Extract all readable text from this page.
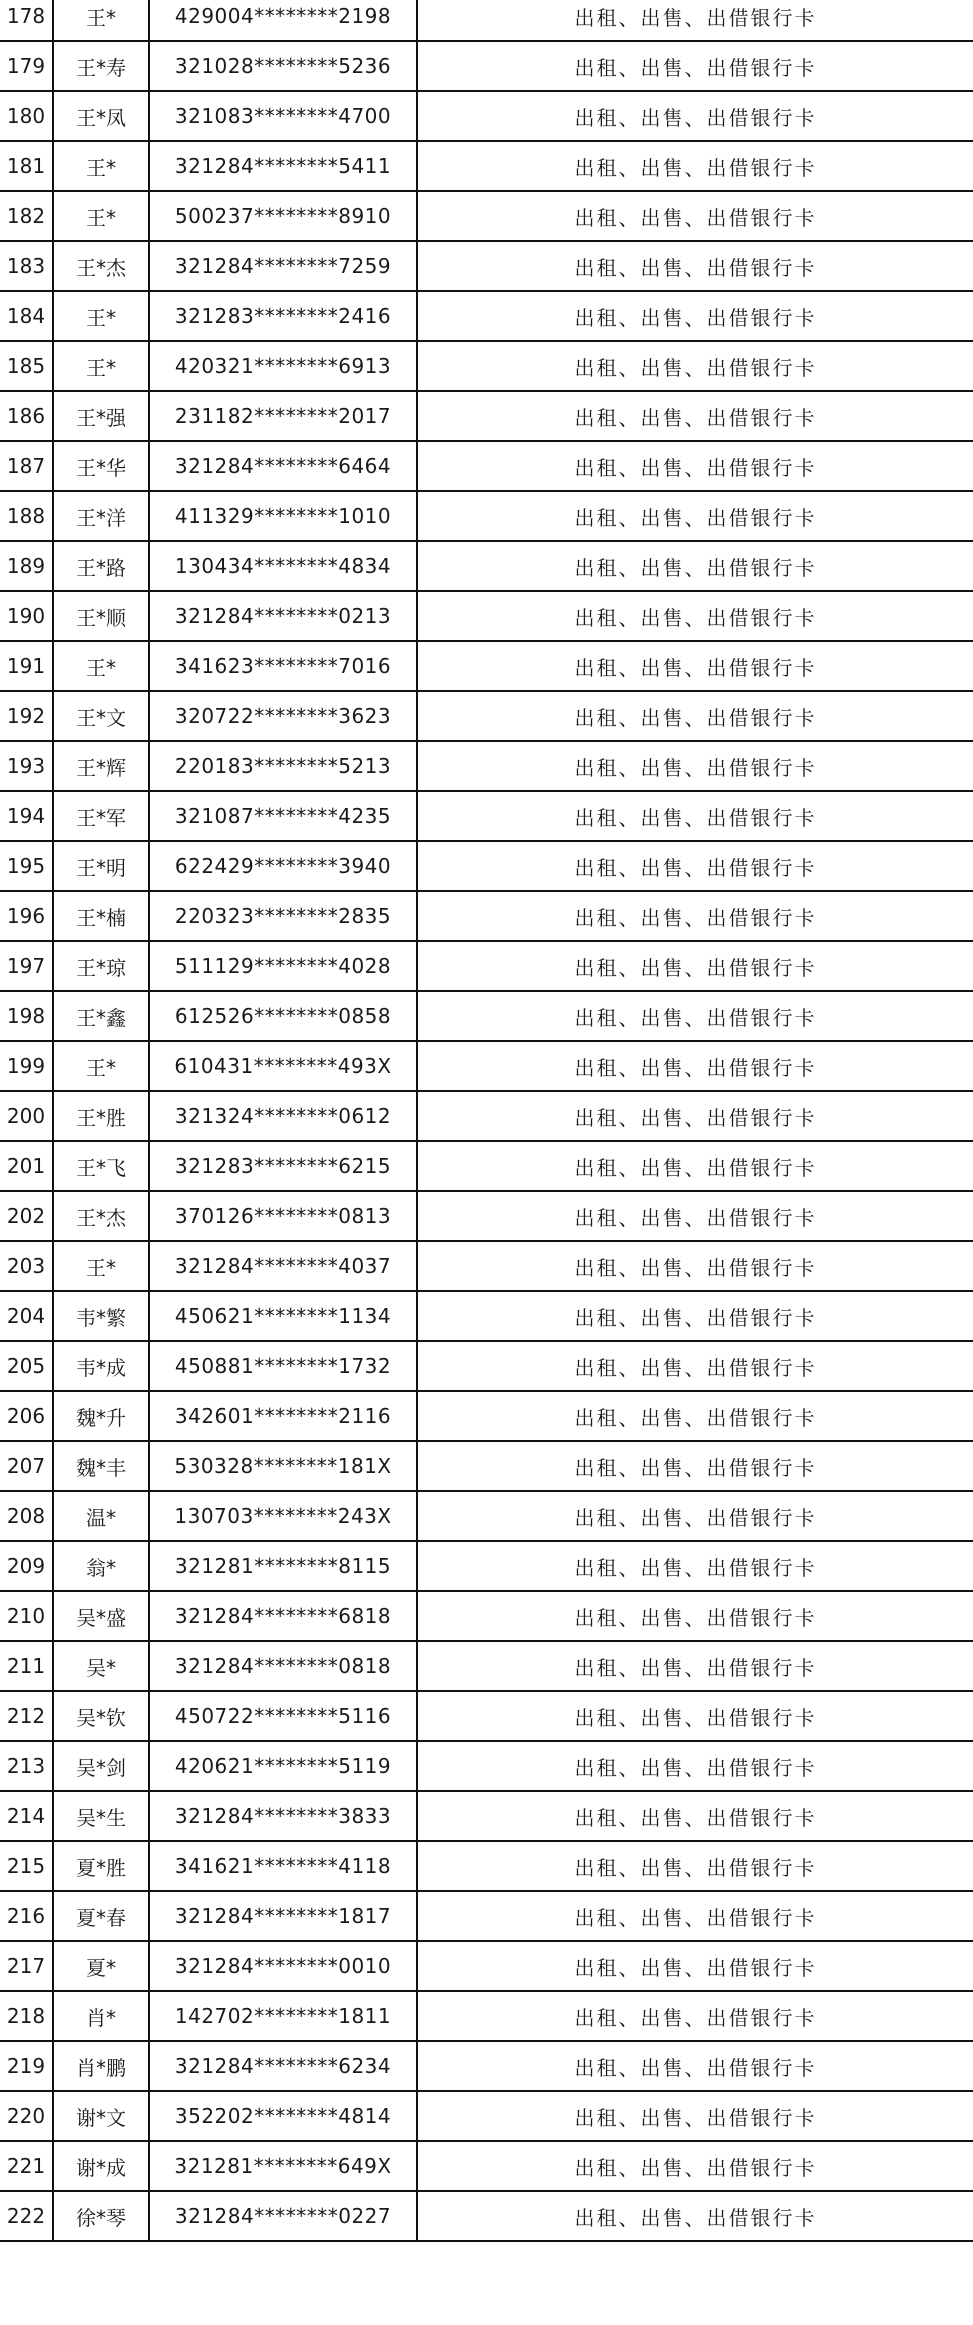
178	王*	429004********2198	出租、出售、出借银行卡
179	王*寿	321028********5236	出租、出售、出借银行卡
180	王*凤	321083********4700	出租、出售、出借银行卡
181	王*	321284********5411	出租、出售、出借银行卡
182	王*	500237********8910	出租、出售、出借银行卡
183	王*杰	321284********7259	出租、出售、出借银行卡
184	王*	321283********2416	出租、出售、出借银行卡
185	王*	420321********6913	出租、出售、出借银行卡
186	王*强	231182********2017	出租、出售、出借银行卡
187	王*华	321284********6464	出租、出售、出借银行卡
188	王*洋	411329********1010	出租、出售、出借银行卡
189	王*路	130434********4834	出租、出售、出借银行卡
190	王*顺	321284********0213	出租、出售、出借银行卡
191	王*	341623********7016	出租、出售、出借银行卡
192	王*文	320722********3623	出租、出售、出借银行卡
193	王*辉	220183********5213	出租、出售、出借银行卡
194	王*军	321087********4235	出租、出售、出借银行卡
195	王*明	622429********3940	出租、出售、出借银行卡
196	王*楠	220323********2835	出租、出售、出借银行卡
197	王*琼	511129********4028	出租、出售、出借银行卡
198	王*鑫	612526********0858	出租、出售、出借银行卡
199	王*	610431********493X	出租、出售、出借银行卡
200	王*胜	321324********0612	出租、出售、出借银行卡
201	王*飞	321283********6215	出租、出售、出借银行卡
202	王*杰	370126********0813	出租、出售、出借银行卡
203	王*	321284********4037	出租、出售、出借银行卡
204	韦*繁	450621********1134	出租、出售、出借银行卡
205	韦*成	450881********1732	出租、出售、出借银行卡
206	魏*升	342601********2116	出租、出售、出借银行卡
207	魏*丰	530328********181X	出租、出售、出借银行卡
208	温*	130703********243X	出租、出售、出借银行卡
209	翁*	321281********8115	出租、出售、出借银行卡
210	吴*盛	321284********6818	出租、出售、出借银行卡
211	吴*	321284********0818	出租、出售、出借银行卡
212	吴*钦	450722********5116	出租、出售、出借银行卡
213	吴*剑	420621********5119	出租、出售、出借银行卡
214	吴*生	321284********3833	出租、出售、出借银行卡
215	夏*胜	341621********4118	出租、出售、出借银行卡
216	夏*春	321284********1817	出租、出售、出借银行卡
217	夏*	321284********0010	出租、出售、出借银行卡
218	肖*	142702********1811	出租、出售、出借银行卡
219	肖*鹏	321284********6234	出租、出售、出借银行卡
220	谢*文	352202********4814	出租、出售、出借银行卡
221	谢*成	321281********649X	出租、出售、出借银行卡
222	徐*琴	321284********0227	出租、出售、出借银行卡
